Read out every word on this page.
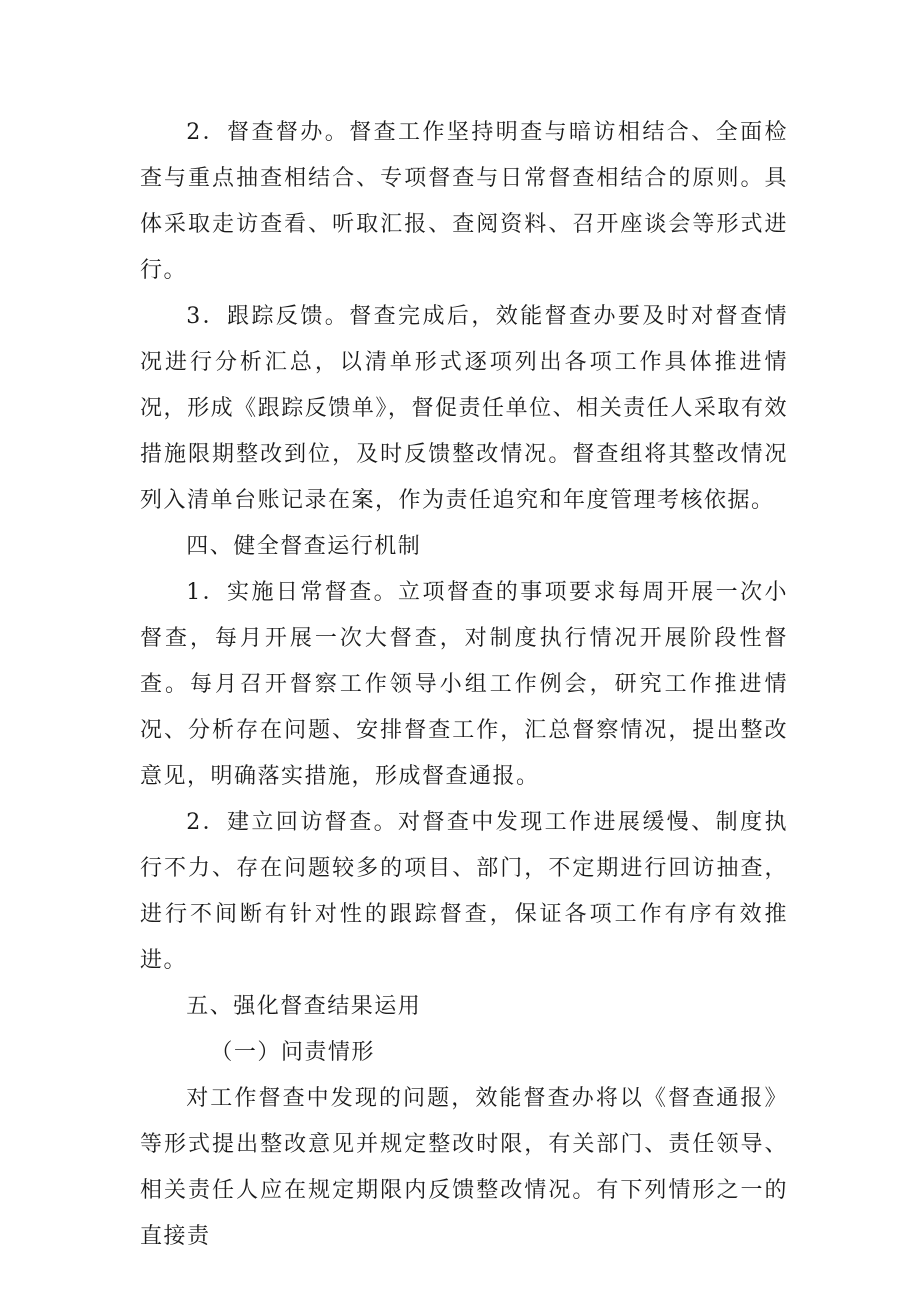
2．督查督办。督查工作坚持明查与暗访相结合、全面检查与重点抽查相结合、专项督查与日常督查相结合的原则。具体采取走访查看、听取汇报、查阅资料、召开座谈会等形式进行。

3．跟踪反馈。督查完成后，效能督查办要及时对督查情况进行分析汇总，以清单形式逐项列出各项工作具体推进情况，形成《跟踪反馈单》，督促责任单位、相关责任人采取有效措施限期整改到位，及时反馈整改情况。督查组将其整改情况列入清单台账记录在案，作为责任追究和年度管理考核依据。

四、健全督查运行机制

1．实施日常督查。立项督查的事项要求每周开展一次小督查，每月开展一次大督查，对制度执行情况开展阶段性督查。每月召开督察工作领导小组工作例会，研究工作推进情况、分析存在问题、安排督查工作，汇总督察情况，提出整改意见，明确落实措施，形成督查通报。

2．建立回访督查。对督查中发现工作进展缓慢、制度执行不力、存在问题较多的项目、部门，不定期进行回访抽查，进行不间断有针对性的跟踪督查，保证各项工作有序有效推进。

五、强化督查结果运用

（一）问责情形

对工作督查中发现的问题，效能督查办将以《督查通报》等形式提出整改意见并规定整改时限，有关部门、责任领导、相关责任人应在规定期限内反馈整改情况。有下列情形之一的直接责
